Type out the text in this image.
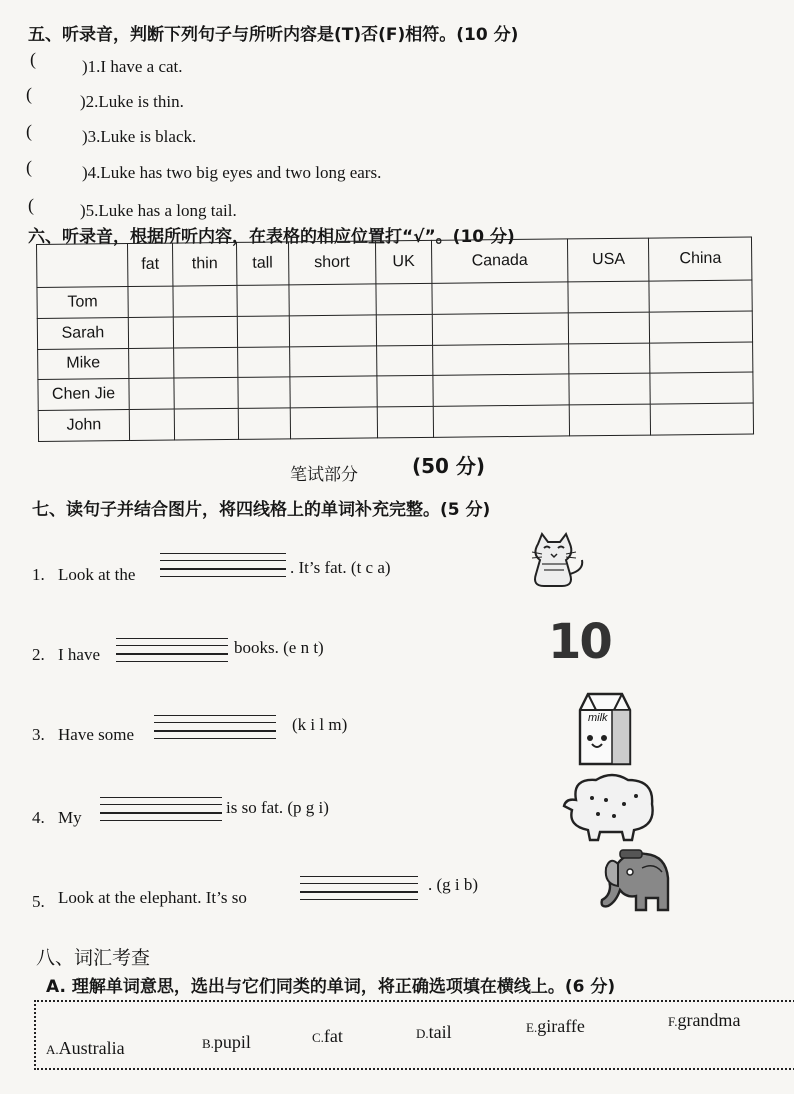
五、听录音，判断下列句子与所听内容是(T)否(F)相符。(10 分)
(	)1.I have a cat.
(	)2.Luke is thin.
(	)3.Luke is black.
(	)4.Luke has two big eyes and two long ears.
(	)5.Luke has a long tail.
六、听录音，根据所听内容，在表格的相应位置打“√”。(10 分)
	fat	thin	tall	short	UK	Canada	USA	China
Tom								
Sarah								
Mike								
Chen Jie								
John								
笔试部分	(50 分)
七、读句子并结合图片，将四线格上的单词补充完整。(5 分)
1. Look at the	. It’s fat. (t c a)
2. I have	books. (e n t)
3. Have some
(k i l m)
4. My
is so fat. (p g i)
5. Look at the elephant. It’s so
. (g i b)
10
milk
八、词汇考查
A. 理解单词意思，选出与它们同类的单词，将正确选项填在横线上。(6 分)
A.Australia	B.pupil	C.fat	D.tail	E.giraffe	F.grandma
